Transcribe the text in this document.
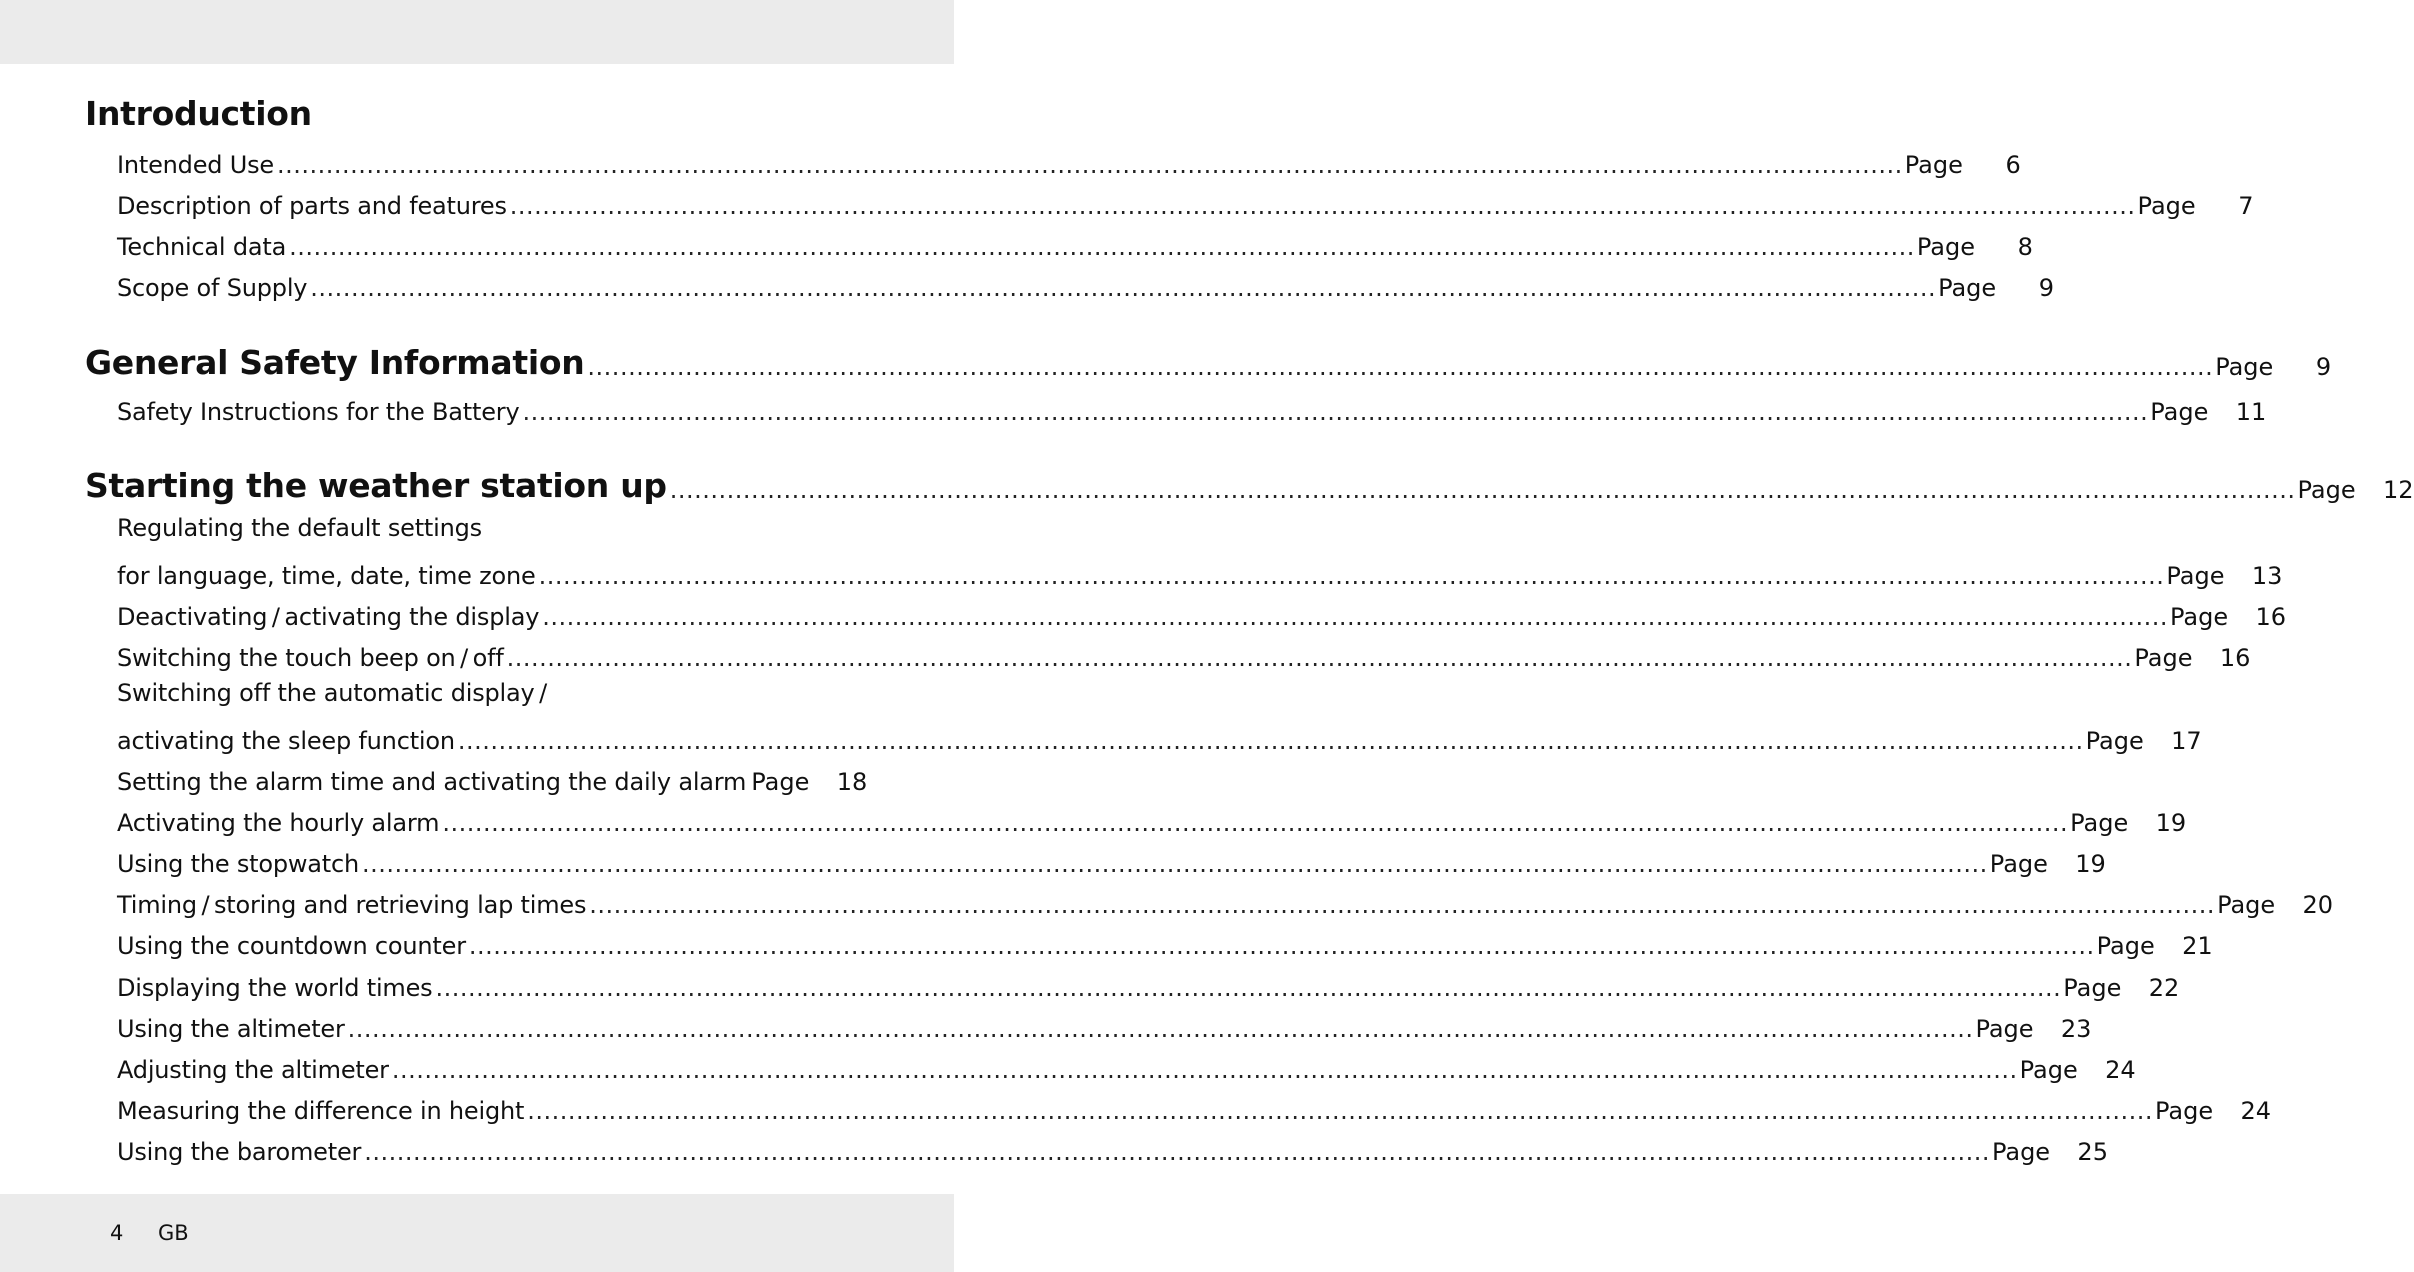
Introduction
Intended Use ........................................................................................................................................................................................................ Page	6
Description of parts and features ........................................................................................................................................................................................................ Page	7
Technical data ........................................................................................................................................................................................................ Page	8
Scope of Supply ........................................................................................................................................................................................................ Page	9
General Safety Information ........................................................................................................................................................................................................ Page	9
Safety Instructions for the Battery ........................................................................................................................................................................................................ Page	11
Starting the weather station up ........................................................................................................................................................................................................ Page	12
Regulating the default settings
for language, time, date, time zone ........................................................................................................................................................................................................ Page	13
Deactivating / activating the display ........................................................................................................................................................................................................ Page	16
Switching the touch beep on / off ........................................................................................................................................................................................................ Page	16
Switching off the automatic display /
activating the sleep function ........................................................................................................................................................................................................ Page	17
Setting the alarm time and activating the daily alarm Page	18
Activating the hourly alarm ........................................................................................................................................................................................................ Page	19
Using the stopwatch ........................................................................................................................................................................................................ Page	19
Timing / storing and retrieving lap times ........................................................................................................................................................................................................ Page	20
Using the countdown counter ........................................................................................................................................................................................................ Page	21
Displaying the world times ........................................................................................................................................................................................................ Page	22
Using the altimeter ........................................................................................................................................................................................................ Page	23
Adjusting the altimeter ........................................................................................................................................................................................................ Page	24
Measuring the difference in height ........................................................................................................................................................................................................ Page	24
Using the barometer ........................................................................................................................................................................................................ Page	25
4 GB
